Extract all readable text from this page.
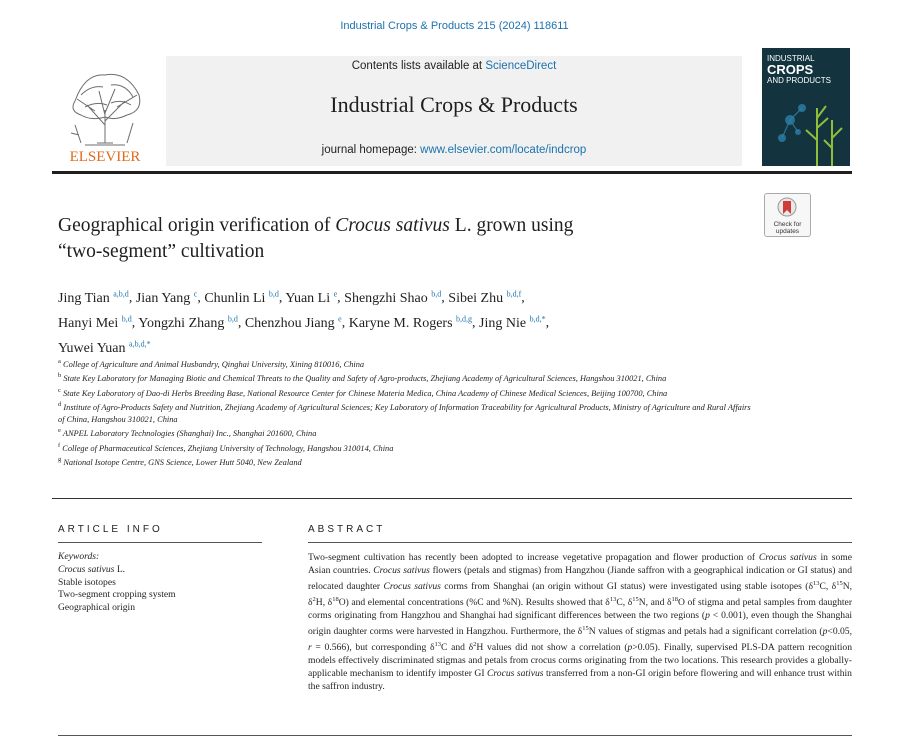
Industrial Crops & Products 215 (2024) 118611
ELSEVIER
Contents lists available at ScienceDirect
Industrial Crops & Products
journal homepage: www.elsevier.com/locate/indcrop
INDUSTRIAL
CROPS
AND PRODUCTS
Check for
updates
Geographical origin verification of Crocus sativus L. grown using
“two-segment” cultivation
Jing Tian $^{a,b,d}$, Jian Yang $^c$, Chunlin Li $^{b,d}$, Yuan Li $^e$, Shengzhi Shao $^{b,d}$, Sibei Zhu $^{b,d,f}$,
Hanyi Mei $^{b,d}$, Yongzhi Zhang $^{b,d}$, Chenzhou Jiang $^e$, Karyne M. Rogers $^{b,d,g}$, Jing Nie $^{b,d,*}$,
Yuwei Yuan $^{a,b,d,*}$
$^a$ College of Agriculture and Animal Husbandry, Qinghai University, Xining 810016, China
$^b$ State Key Laboratory for Managing Biotic and Chemical Threats to the Quality and Safety of Agro-products, Zhejiang Academy of Agricultural Sciences, Hangshou 310021, China
$^c$ State Key Laboratory of Dao-di Herbs Breeding Base, National Resource Center for Chinese Materia Medica, China Academy of Chinese Medical Sciences, Beijing 100700, China
$^d$ Institute of Agro-Products Safety and Nutrition, Zhejiang Academy of Agricultural Sciences; Key Laboratory of Information Traceability for Agricultural Products, Ministry of Agriculture and Rural Affairs of China, Hangshou 310021, China
$^e$ ANPEL Laboratory Technologies (Shanghai) Inc., Shanghai 201600, China
$^f$ College of Pharmaceutical Sciences, Zhejiang University of Technology, Hangshou 310014, China
$^g$ National Isotope Centre, GNS Science, Lower Hutt 5040, New Zealand
ARTICLE INFO
Keywords:
Crocus sativus L.
Stable isotopes
Two-segment cropping system
Geographical origin
ABSTRACT
Two-segment cultivation has recently been adopted to increase vegetative propagation and flower production of Crocus sativus in some Asian countries. Crocus sativus flowers (petals and stigmas) from Hangzhou (Jiande saffron with a geographical indication or GI status) and relocated daughter Crocus sativus corms from Shanghai (an origin without GI status) were investigated using stable isotopes ($\delta^{13}C$, $\delta^{15}N$, $\delta^2H$, $\delta^{18}O$) and elemental concentrations (%C and %N). Results showed that $\delta^{13}C$, $\delta^{15}N$, and $\delta^{18}O$ of stigma and petal samples from daughter corms originating from Hangzhou and Shanghai had significant differences between the two regions (p < 0.001), even though the Shanghai origin daughter corms were harvested in Hangzhou. Furthermore, the $\delta^{15}N$ values of stigmas and petals had a significant correlation (p<0.05, r = 0.566), but corresponding $\delta^{13}C$ and $\delta^2H$ values did not show a correlation (p>0.05). Finally, supervised PLS-DA pattern recognition models effectively discriminated stigmas and petals from crocus corms originating from the two locations. This research provides a globally-applicable mechanism to identify imposter GI Crocus sativus transferred from a non-GI origin before flowering and will enhance trust within the saffron industry.
